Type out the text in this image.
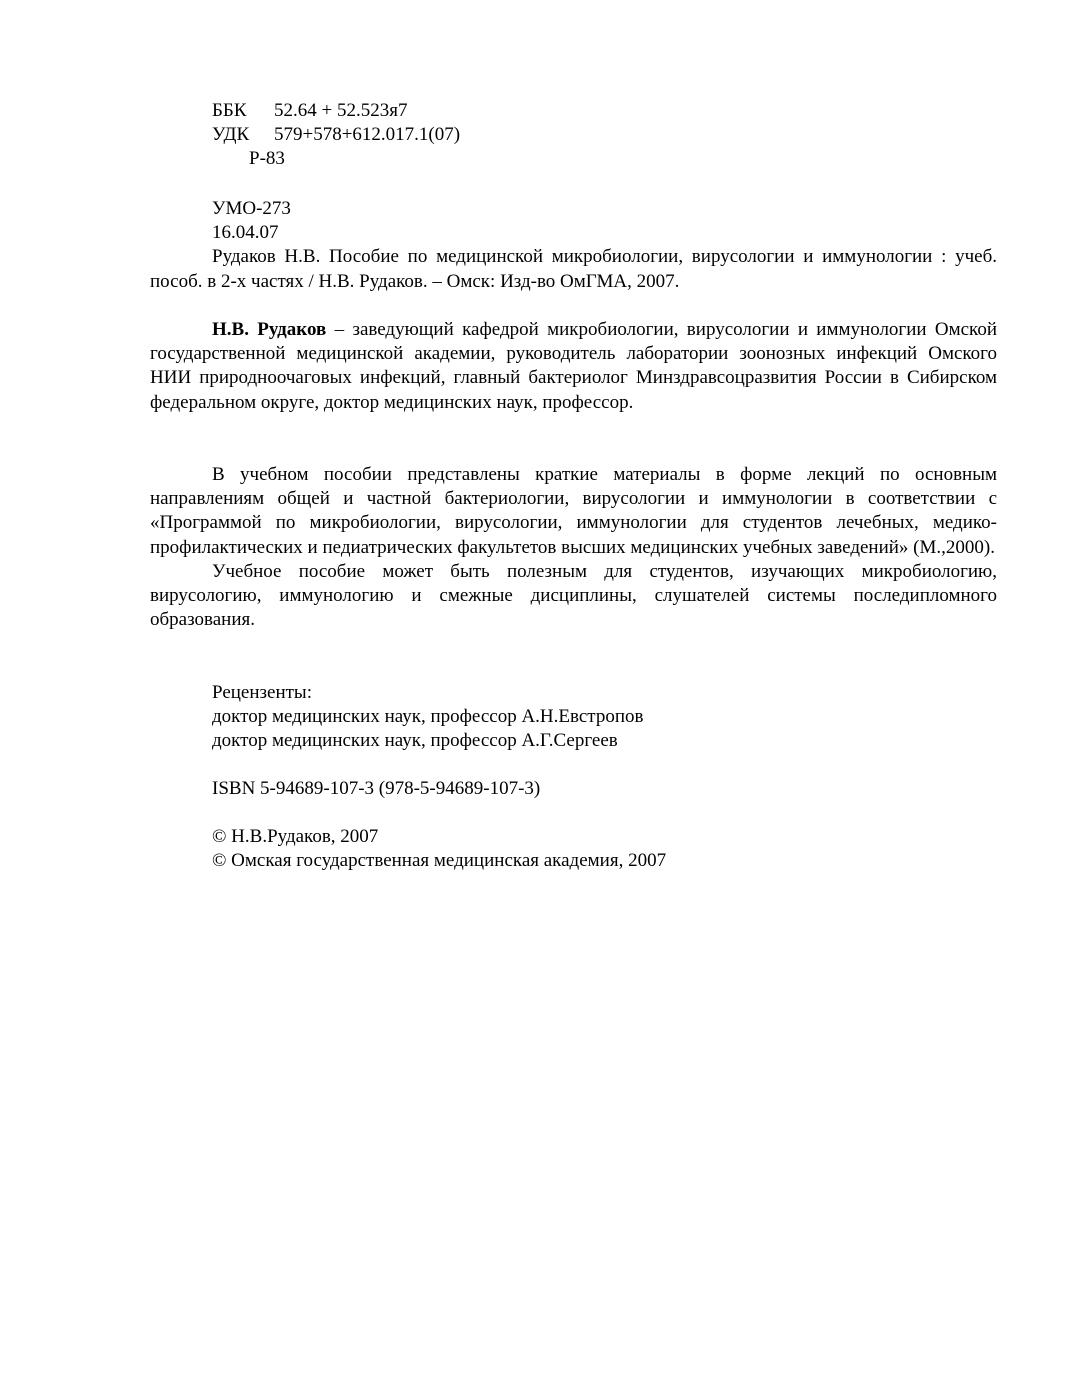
ББК 52.64 + 52.523я7
УДК 579+578+612.017.1(07)
Р-83
УМО-273
16.04.07

Рудаков Н.В. Пособие по медицинской микробиологии, вирусологии и иммунологии : учеб. пособ. в 2-х частях / Н.В. Рудаков. – Омск: Изд-во ОмГМА, 2007.

Н.В. Рудаков – заведующий кафедрой микробиологии, вирусологии и иммунологии Омской государственной медицинской академии, руководитель лаборатории зоонозных инфекций Омского НИИ природноочаговых инфекций, главный бактериолог Минздравсоцразвития России в Сибирском федеральном округе, доктор медицинских наук, профессор.

В учебном пособии представлены краткие материалы в форме лекций по основным направлениям общей и частной бактериологии, вирусологии и иммунологии в соответствии с «Программой по микробиологии, вирусологии, иммунологии для студентов лечебных, медико-профилактических и педиатрических факультетов высших медицинских учебных заведений» (М.,2000).

Учебное пособие может быть полезным для студентов, изучающих микробиологию, вирусологию, иммунологию и смежные дисциплины, слушателей системы последипломного образования.

Рецензенты:
доктор медицинских наук, профессор А.Н.Евстропов
доктор медицинских наук, профессор А.Г.Сергеев
ISBN 5-94689-107-3 (978-5-94689-107-3)
© Н.В.Рудаков, 2007
© Омская государственная медицинская академия, 2007
